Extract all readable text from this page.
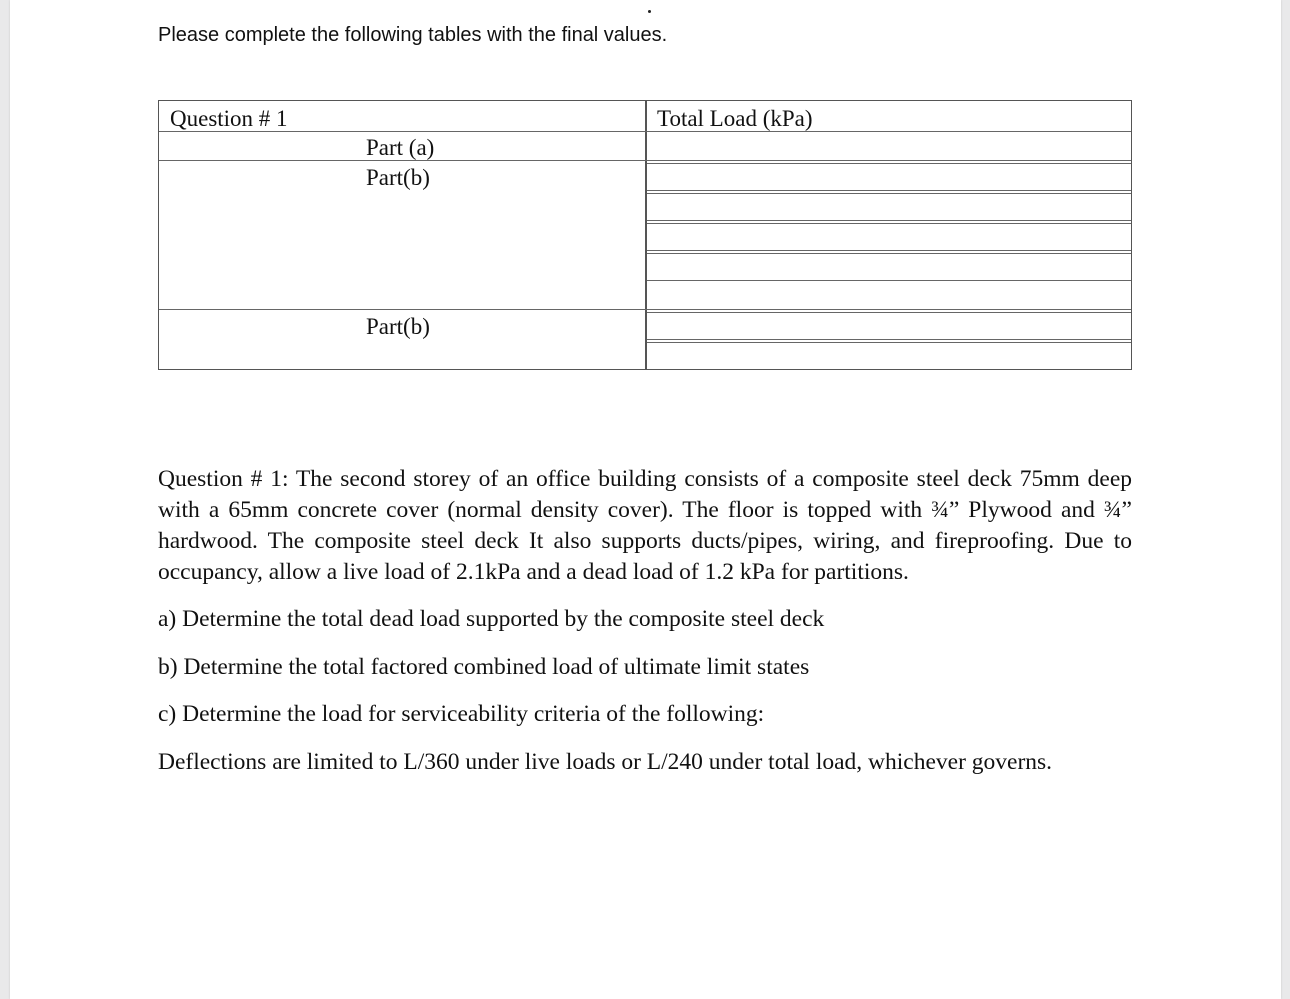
Please complete the following tables with the final values.
Question # 1	Total Load (kPa)
Part (a)
Part(b)
Part(b)

Question # 1: The second storey of an office building consists of a composite steel deck 75mm deep with a 65mm concrete cover (normal density cover). The floor is topped with ¾” Plywood and ¾” hardwood. The composite steel deck It also supports ducts/pipes, wiring, and fireproofing. Due to occupancy, allow a live load of 2.1kPa and a dead load of 1.2 kPa for partitions.

a) Determine the total dead load supported by the composite steel deck
b) Determine the total factored combined load of ultimate limit states
c) Determine the load for serviceability criteria of the following:
Deflections are limited to L/360 under live loads or L/240 under total load, whichever governs.
